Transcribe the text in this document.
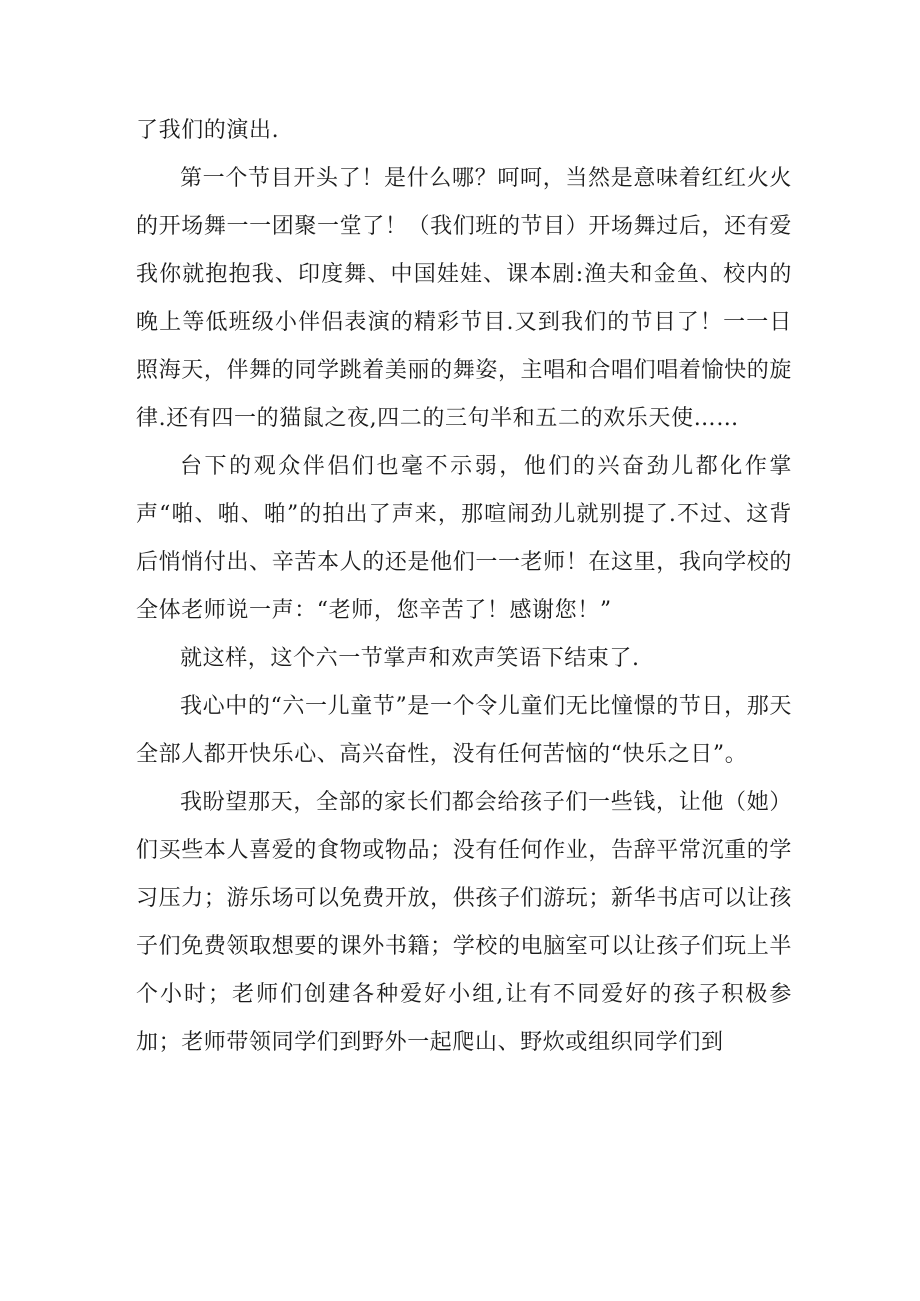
了我们的演出.

第一个节目开头了！是什么哪？呵呵，当然是意味着红红火火的开场舞一一团聚一堂了！（我们班的节目）开场舞过后，还有爱我你就抱抱我、印度舞、中国娃娃、课本剧:渔夫和金鱼、校内的晚上等低班级小伴侣表演的精彩节目.又到我们的节目了！一一日照海天，伴舞的同学跳着美丽的舞姿，主唱和合唱们唱着愉快的旋律.还有四一的猫鼠之夜,四二的三句半和五二的欢乐天使……

台下的观众伴侣们也毫不示弱，他们的兴奋劲儿都化作掌声“啪、啪、啪”的拍出了声来，那喧闹劲儿就别提了.不过、这背后悄悄付出、辛苦本人的还是他们一一老师！在这里，我向学校的全体老师说一声：“老师，您辛苦了！感谢您！”

就这样，这个六一节掌声和欢声笑语下结束了.

我心中的“六一儿童节”是一个令儿童们无比憧憬的节日，那天全部人都开快乐心、高兴奋性，没有任何苦恼的“快乐之日”。

我盼望那天，全部的家长们都会给孩子们一些钱，让他（她）们买些本人喜爱的食物或物品；没有任何作业，告辞平常沉重的学习压力；游乐场可以免费开放，供孩子们游玩；新华书店可以让孩子们免费领取想要的课外书籍；学校的电脑室可以让孩子们玩上半个小时；老师们创建各种爱好小组,让有不同爱好的孩子积极参加；老师带领同学们到野外一起爬山、野炊或组织同学们到
